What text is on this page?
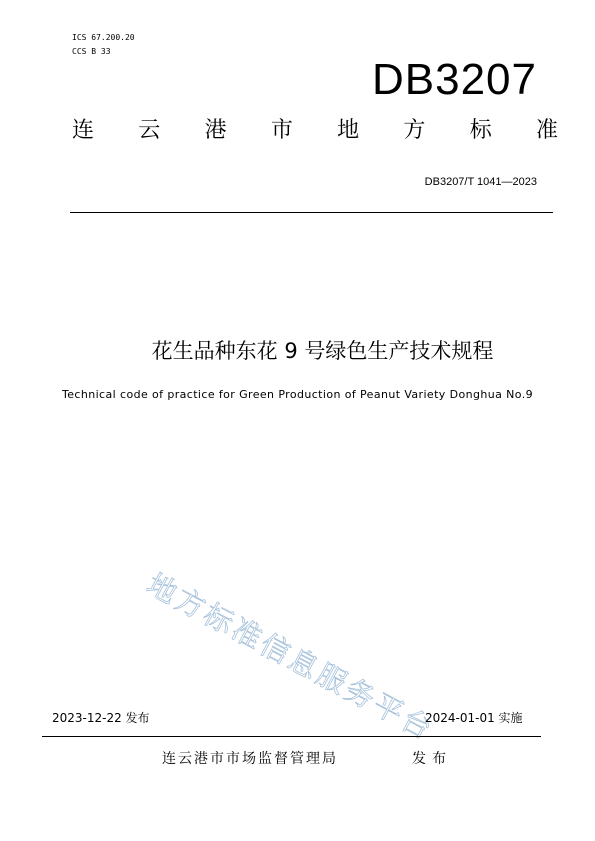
ICS 67.200.20
CCS B 33
DB3207
连 云 港 市 地 方 标 准
DB3207/T 1041—2023
花生品种东花 9 号绿色生产技术规程
Technical code of practice for Green Production of Peanut Variety Donghua No.9
地方标准信息服务平台
2023-12-22 发布	2024-01-01 实施
连云港市市场监督管理局	发布
